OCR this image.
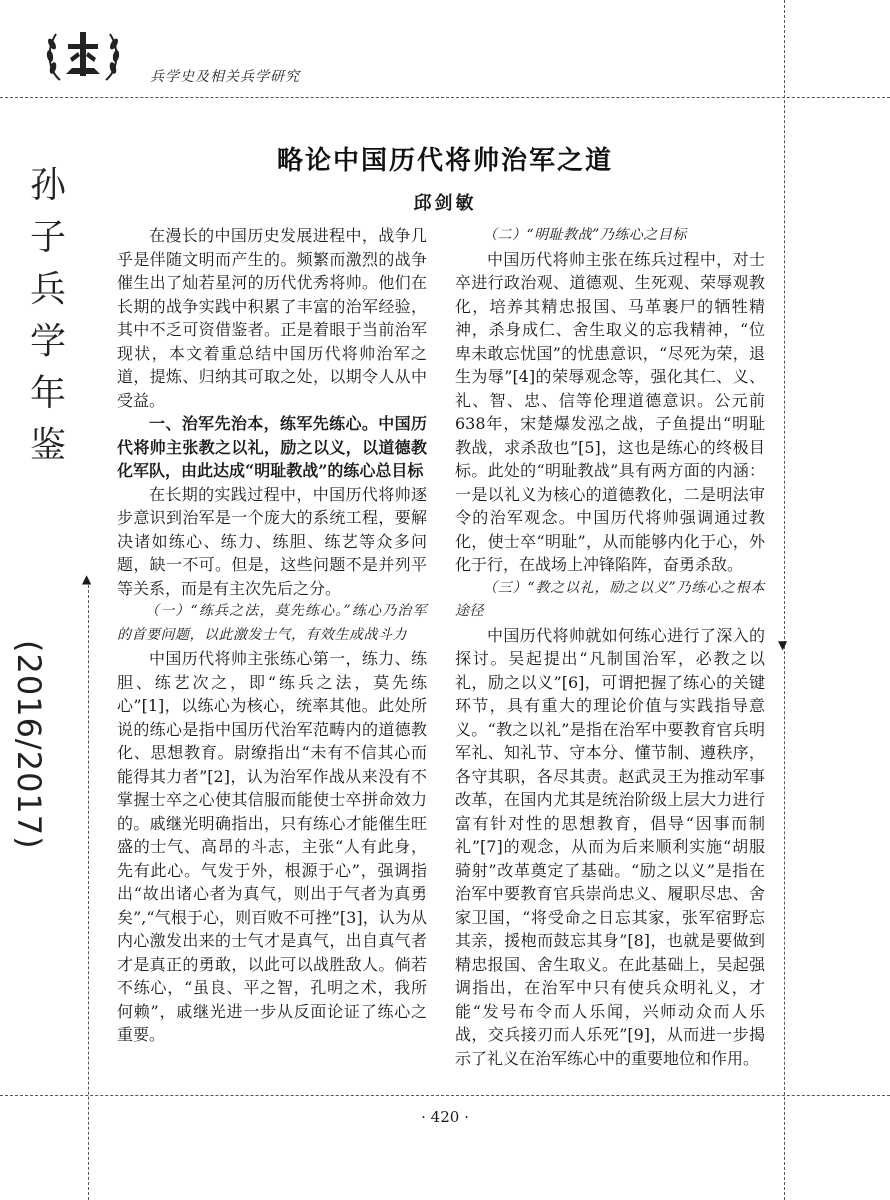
兵学史及相关兵学研究
孙
子
兵
学
年
鉴
(2016/2017)
▲
▼
略论中国历代将帅治军之道
邱剑敏

在漫长的中国历史发展进程中，战争几乎是伴随文明而产生的。频繁而激烈的战争催生出了灿若星河的历代优秀将帅。他们在长期的战争实践中积累了丰富的治军经验，其中不乏可资借鉴者。正是着眼于当前治军现状，本文着重总结中国历代将帅治军之道，提炼、归纳其可取之处，以期令人从中受益。

一、治军先治本，练军先练心。中国历代将帅主张教之以礼，励之以义，以道德教化军队，由此达成“明耻教战”的练心总目标

在长期的实践过程中，中国历代将帅逐步意识到治军是一个庞大的系统工程，要解决诸如练心、练力、练胆、练艺等众多问题，缺一不可。但是，这些问题不是并列平等关系，而是有主次先后之分。

（一）“练兵之法，莫先练心。”练心乃治军的首要问题，以此激发士气，有效生成战斗力

中国历代将帅主张练心第一，练力、练胆、练艺次之，即“练兵之法，莫先练心”[1]，以练心为核心，统率其他。此处所说的练心是指中国历代治军范畴内的道德教化、思想教育。尉缭指出“未有不信其心而能得其力者”[2]，认为治军作战从来没有不掌握士卒之心使其信服而能使士卒拼命效力的。戚继光明确指出，只有练心才能催生旺盛的士气、高昂的斗志，主张“人有此身，先有此心。气发于外，根源于心”，强调指出“故出诸心者为真气，则出于气者为真勇矣”,“气根于心，则百败不可挫”[3]，认为从内心激发出来的士气才是真气，出自真气者才是真正的勇敢，以此可以战胜敌人。倘若不练心，“虽良、平之智，孔明之术，我所何赖”，戚继光进一步从反面论证了练心之重要。

（二）“明耻教战”乃练心之目标

中国历代将帅主张在练兵过程中，对士卒进行政治观、道德观、生死观、荣辱观教化，培养其精忠报国、马革裹尸的牺牲精神，杀身成仁、舍生取义的忘我精神，“位卑未敢忘忧国”的忧患意识，“尽死为荣，退生为辱”[4]的荣辱观念等，强化其仁、义、礼、智、忠、信等伦理道德意识。公元前638年，宋楚爆发泓之战，子鱼提出“明耻教战，求杀敌也”[5]，这也是练心的终极目标。此处的“明耻教战”具有两方面的内涵：一是以礼义为核心的道德教化，二是明法审令的治军观念。中国历代将帅强调通过教化，使士卒“明耻”，从而能够内化于心，外化于行，在战场上冲锋陷阵，奋勇杀敌。

（三）“教之以礼，励之以义”乃练心之根本途径

中国历代将帅就如何练心进行了深入的探讨。吴起提出“凡制国治军，必教之以礼，励之以义”[6]，可谓把握了练心的关键环节，具有重大的理论价值与实践指导意义。“教之以礼”是指在治军中要教育官兵明军礼、知礼节、守本分、懂节制、遵秩序，各守其职，各尽其责。赵武灵王为推动军事改革，在国内尤其是统治阶级上层大力进行富有针对性的思想教育，倡导“因事而制礼”[7]的观念，从而为后来顺利实施“胡服骑射”改革奠定了基础。“励之以义”是指在治军中要教育官兵崇尚忠义、履职尽忠、舍家卫国，“将受命之日忘其家，张军宿野忘其亲，援枹而鼓忘其身”[8]，也就是要做到精忠报国、舍生取义。在此基础上，吴起强调指出，在治军中只有使兵众明礼义，才能“发号布令而人乐闻，兴师动众而人乐战，交兵接刃而人乐死”[9]，从而进一步揭示了礼义在治军练心中的重要地位和作用。

· 420 ·
